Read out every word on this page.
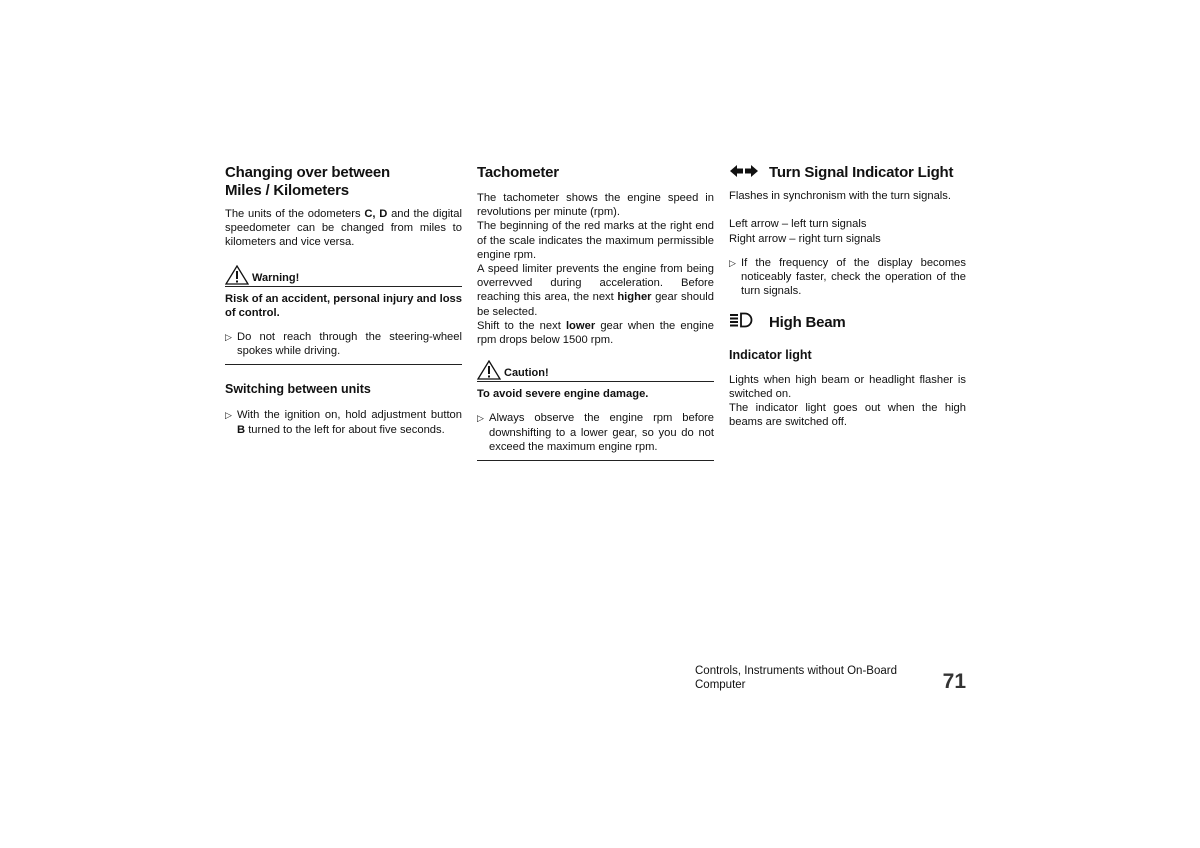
Changing over between
Miles / Kilometers

The units of the odometers C, D and the digital speedometer can be changed from miles to kilometers and vice versa.

Warning!

Risk of an accident, personal injury and loss of control.

▷ Do not reach through the steering-wheel spokes while driving.

Switching between units
▷ With the ignition on, hold adjustment button B turned to the left for about five seconds.

Tachometer

The tachometer shows the engine speed in revolutions per minute (rpm).

The beginning of the red marks at the right end of the scale indicates the maximum permissible engine rpm.

A speed limiter prevents the engine from being overrevved during acceleration. Before reaching this area, the next higher gear should be selected.

Shift to the next lower gear when the engine rpm drops below 1500 rpm.

Caution!

To avoid severe engine damage.

▷ Always observe the engine rpm before downshifting to a lower gear, so you do not exceed the maximum engine rpm.

Turn Signal Indicator Light

Flashes in synchronism with the turn signals.

Left arrow – left turn signals

Right arrow – right turn signals

▷ If the frequency of the display becomes noticeably faster, check the operation of the turn signals.

High Beam
Indicator light

Lights when high beam or headlight flasher is switched on.

The indicator light goes out when the high beams are switched off.

Controls, Instruments without On-Board Computer	71
